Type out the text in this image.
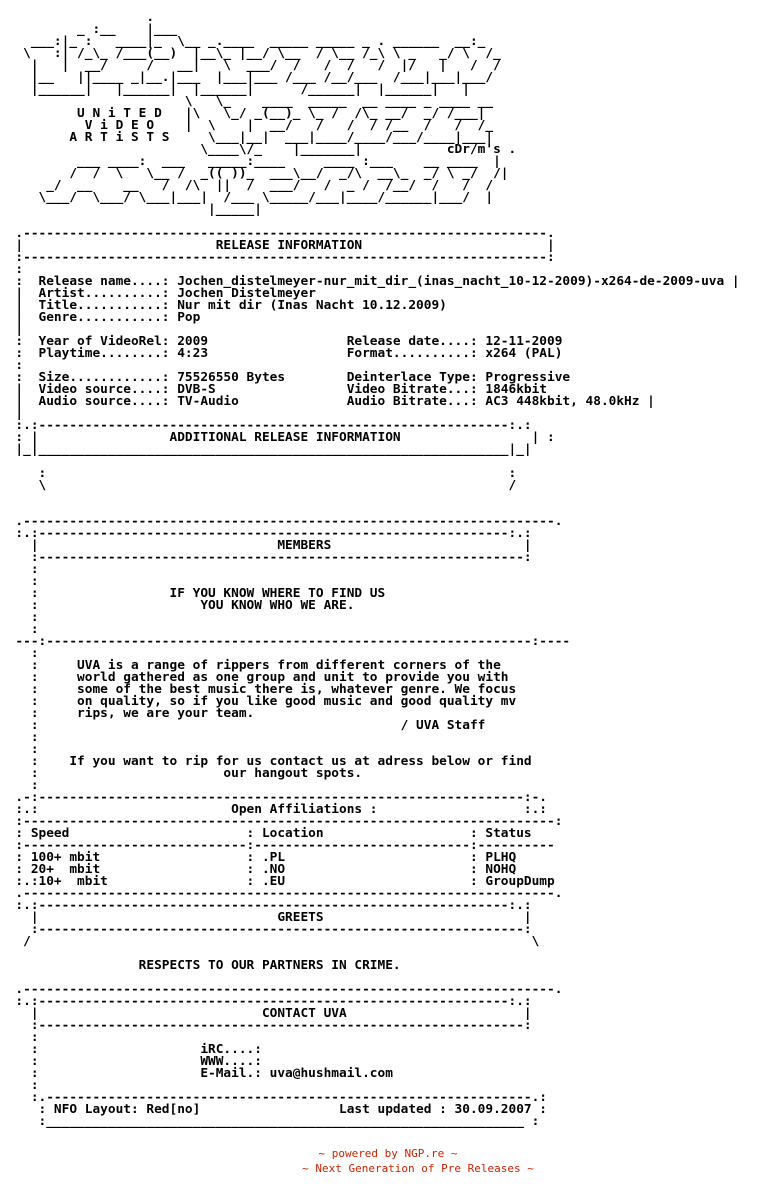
.
_ :__    |___
___:|_ :   ____|_  \__ _.____  _____ _____ _ . ______  __:_
\   :| /_\_ /___(__)  |__\_ |__/ \__  / \__ /_\ \ _   _/ \  /_
|   |  __/     /   __|   \  ___/  /   /  /   /  |/   |   /  /
|__   ||____ _|__.|___  |___|___ /___ /__/___  /___|___|___/
|______|   |______|  |______|      /______|  |______|   |
\   \_    ____  _____  __ ____ _ ____ __
U N i T E D   |\   \_/ _(__)_ \_ /  /\_ __/  _/ /___|
V i D E O    |  \    |  __/   /   /  / /__  /   /  /_
A R T i S T S     \___|__|  ___|____/____/___/____|___|
\____\/_    |_______|           cDr/m's .
___ ____:  ___   _____:____     ____ :___    __ ____  |
/  /  \   \__ /  _(( ))_  ___\__/  _/\  __\_  _/ \ _/  /|
_/  __    __   /  /\  ||  /  ___/   /  _ /  /__/  /   /  /
\___/  \___/ \___|___|  /___ \_____/___|____/______|___/  |
|_____|
.--------------------------------------------------------------------.
|                         RELEASE INFORMATION                        |
:--------------------------------------------------------------------:
:
:  Release name....: Jochen_distelmeyer-nur_mit_dir_(inas_nacht_10-12-2009)-x264-de-2009-uva |
|  Artist..........: Jochen Distelmeyer
|  Title...........: Nur mit dir (Inas Nacht 10.12.2009)
|  Genre...........: Pop
|
:  Year of VideoRel: 2009                  Release date....: 12-11-2009
:  Playtime........: 4:23                  Format..........: x264 (PAL)
:
:  Size............: 75526550 Bytes        Deinterlace Type: Progressive
|  Video source....: DVB-S                 Video Bitrate...: 1846kbit
|  Audio source....: TV-Audio              Audio Bitrate...: AC3 448kbit, 48.0kHz |
|
:.:-------------------------------------------------------------:.:
: |                 ADDITIONAL RELEASE INFORMATION                 | :
|_|_____________________________________________________________|_|
:                                                            :
\                                                            /
.---------------------------------------------------------------------.
:.:-------------------------------------------------------------:.:
|                               MEMBERS                         |
:---------------------------------------------------------------:
:
:
:                 IF YOU KNOW WHERE TO FIND US
:                     YOU KNOW WHO WE ARE.
:
:
---:---------------------------------------------------------------:----
:
:     UVA is a range of rippers from different corners of the
:     world gathered as one group and unit to provide you with
:     some of the best music there is, whatever genre. We focus
:     on quality, so if you like good music and good quality mv
:     rips, we are your team.
:                                               / UVA Staff
:
:
:    If you want to rip for us contact us at adress below or find
:                        our hangout spots.
:
.-:---------------------------------------------------------------:-.
:.:                         Open Affiliations :                   :.:
:---------------------------------------------------------------------:
: Speed                       : Location                   : Status
:-----------------------------:----------------------------:----------
: 100+ mbit                   : .PL                        : PLHQ
: 20+  mbit                   : .NO                        : NOHQ
:.:10+  mbit                  : .EU                        : GroupDump
.---------------------------------------------------------------------.
:.:-------------------------------------------------------------:.:
|                               GREETS                          |
:---------------------------------------------------------------:
/                                                                 \
RESPECTS TO OUR PARTNERS IN CRIME.
.---------------------------------------------------------------------.
:.:-------------------------------------------------------------:.:
|                             CONTACT UVA                       |
:---------------------------------------------------------------:
:
:                     iRC....:
:                     WWW....:
:                     E-Mail.: uva@hushmail.com
:
:.---------------------------------------------------------------.:
: NFO Layout: Red[no]                  Last updated : 30.09.2007 :
:______________________________________________________________ :
~ powered by NGP.re ~
~ Next Generation of Pre Releases ~
